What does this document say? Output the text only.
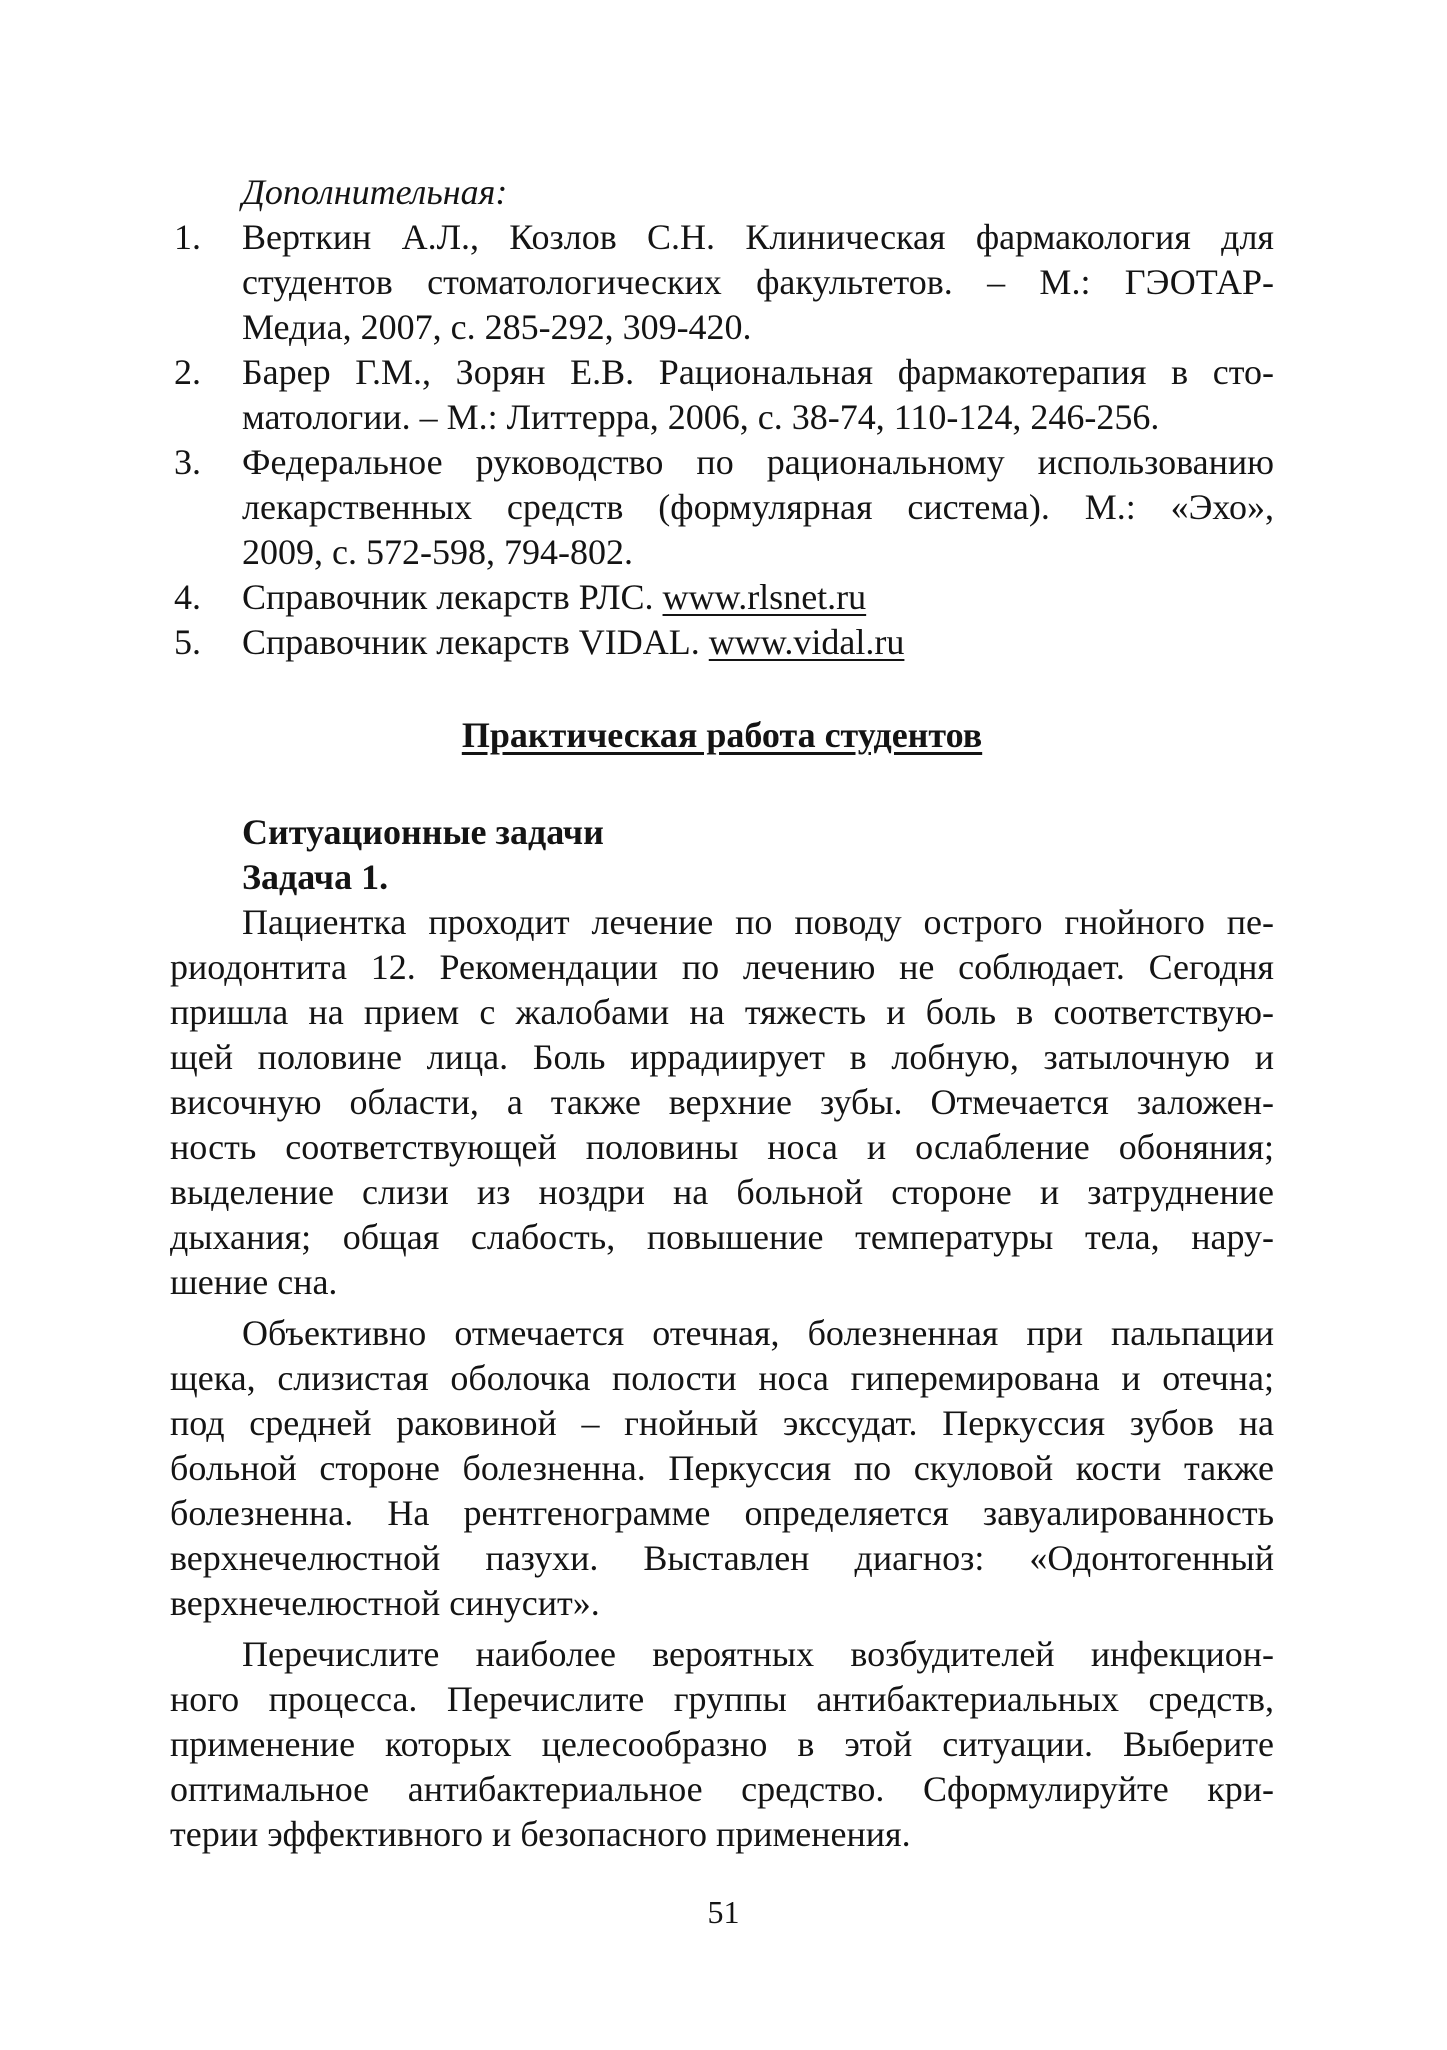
Дополнительная:
1.	Верткин А.Л., Козлов С.Н. Клиническая фармакология для
студентов стоматологических факультетов. – М.: ГЭОТАР-
Медиа, 2007, с. 285-292, 309-420.
2.	Барер Г.М., Зорян Е.В. Рациональная фармакотерапия в сто-
матологии. – М.: Литтерра, 2006, с. 38-74, 110-124, 246-256.
3.	Федеральное руководство по рациональному использованию
лекарственных средств (формулярная система). М.: «Эхо»,
2009, с. 572-598, 794-802.
4.	Справочник лекарств РЛС. www.rlsnet.ru
5.	Справочник лекарств VIDAL. www.vidal.ru
Практическая работа студентов
Ситуационные задачи
Задача 1.
Пациентка проходит лечение по поводу острого гнойного пе-
риодонтита 12. Рекомендации по лечению не соблюдает. Сегодня
пришла на прием с жалобами на тяжесть и боль в соответствую-
щей половине лица. Боль иррадиирует в лобную, затылочную и
височную области, а также верхние зубы. Отмечается заложен-
ность соответствующей половины носа и ослабление обоняния;
выделение слизи из ноздри на больной стороне и затруднение
дыхания; общая слабость, повышение температуры тела, нару-
шение сна.
Объективно отмечается отечная, болезненная при пальпации
щека, слизистая оболочка полости носа гиперемирована и отечна;
под средней раковиной – гнойный экссудат. Перкуссия зубов на
больной стороне болезненна. Перкуссия по скуловой кости также
болезненна. На рентгенограмме определяется завуалированность
верхнечелюстной пазухи. Выставлен диагноз: «Одонтогенный
верхнечелюстной синусит».
Перечислите наиболее вероятных возбудителей инфекцион-
ного процесса. Перечислите группы антибактериальных средств,
применение которых целесообразно в этой ситуации. Выберите
оптимальное антибактериальное средство. Сформулируйте кри-
терии эффективного и безопасного применения.
51
